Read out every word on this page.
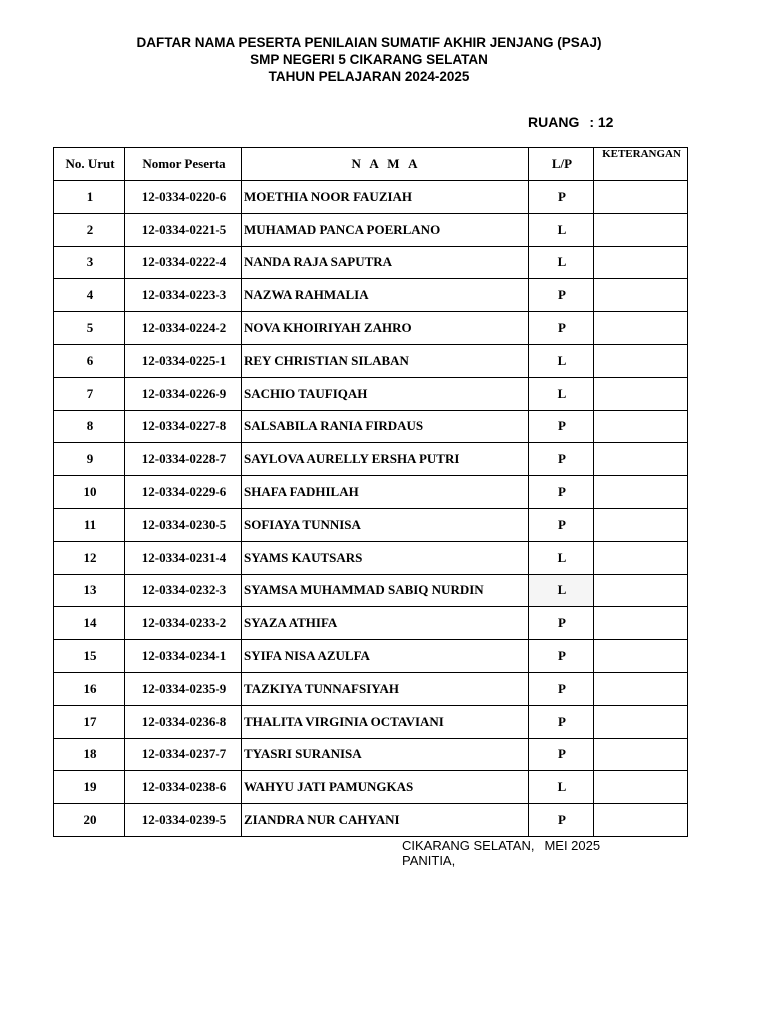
DAFTAR NAMA PESERTA PENILAIAN SUMATIF AKHIR JENJANG (PSAJ)
SMP NEGERI 5 CIKARANG SELATAN
TAHUN PELAJARAN 2024-2025
RUANG : 12
No. Urut	Nomor Peserta	N A M A	L/P	KETERANGAN
1	12-0334-0220-6	MOETHIA NOOR FAUZIAH	P	
2	12-0334-0221-5	MUHAMAD PANCA POERLANO	L	
3	12-0334-0222-4	NANDA RAJA SAPUTRA	L	
4	12-0334-0223-3	NAZWA RAHMALIA	P	
5	12-0334-0224-2	NOVA KHOIRIYAH ZAHRO	P	
6	12-0334-0225-1	REY CHRISTIAN SILABAN	L	
7	12-0334-0226-9	SACHIO TAUFIQAH	L	
8	12-0334-0227-8	SALSABILA RANIA FIRDAUS	P	
9	12-0334-0228-7	SAYLOVA AURELLY ERSHA PUTRI	P	
10	12-0334-0229-6	SHAFA FADHILAH	P	
11	12-0334-0230-5	SOFIAYA TUNNISA	P	
12	12-0334-0231-4	SYAMS KAUTSARS	L	
13	12-0334-0232-3	SYAMSA MUHAMMAD SABIQ NURDIN	L	
14	12-0334-0233-2	SYAZA ATHIFA	P	
15	12-0334-0234-1	SYIFA NISA AZULFA	P	
16	12-0334-0235-9	TAZKIYA TUNNAFSIYAH	P	
17	12-0334-0236-8	THALITA VIRGINIA OCTAVIANI	P	
18	12-0334-0237-7	TYASRI SURANISA	P	
19	12-0334-0238-6	WAHYU JATI PAMUNGKAS	L	
20	12-0334-0239-5	ZIANDRA NUR CAHYANI	P	
CIKARANG SELATAN, MEI 2025
PANITIA,
